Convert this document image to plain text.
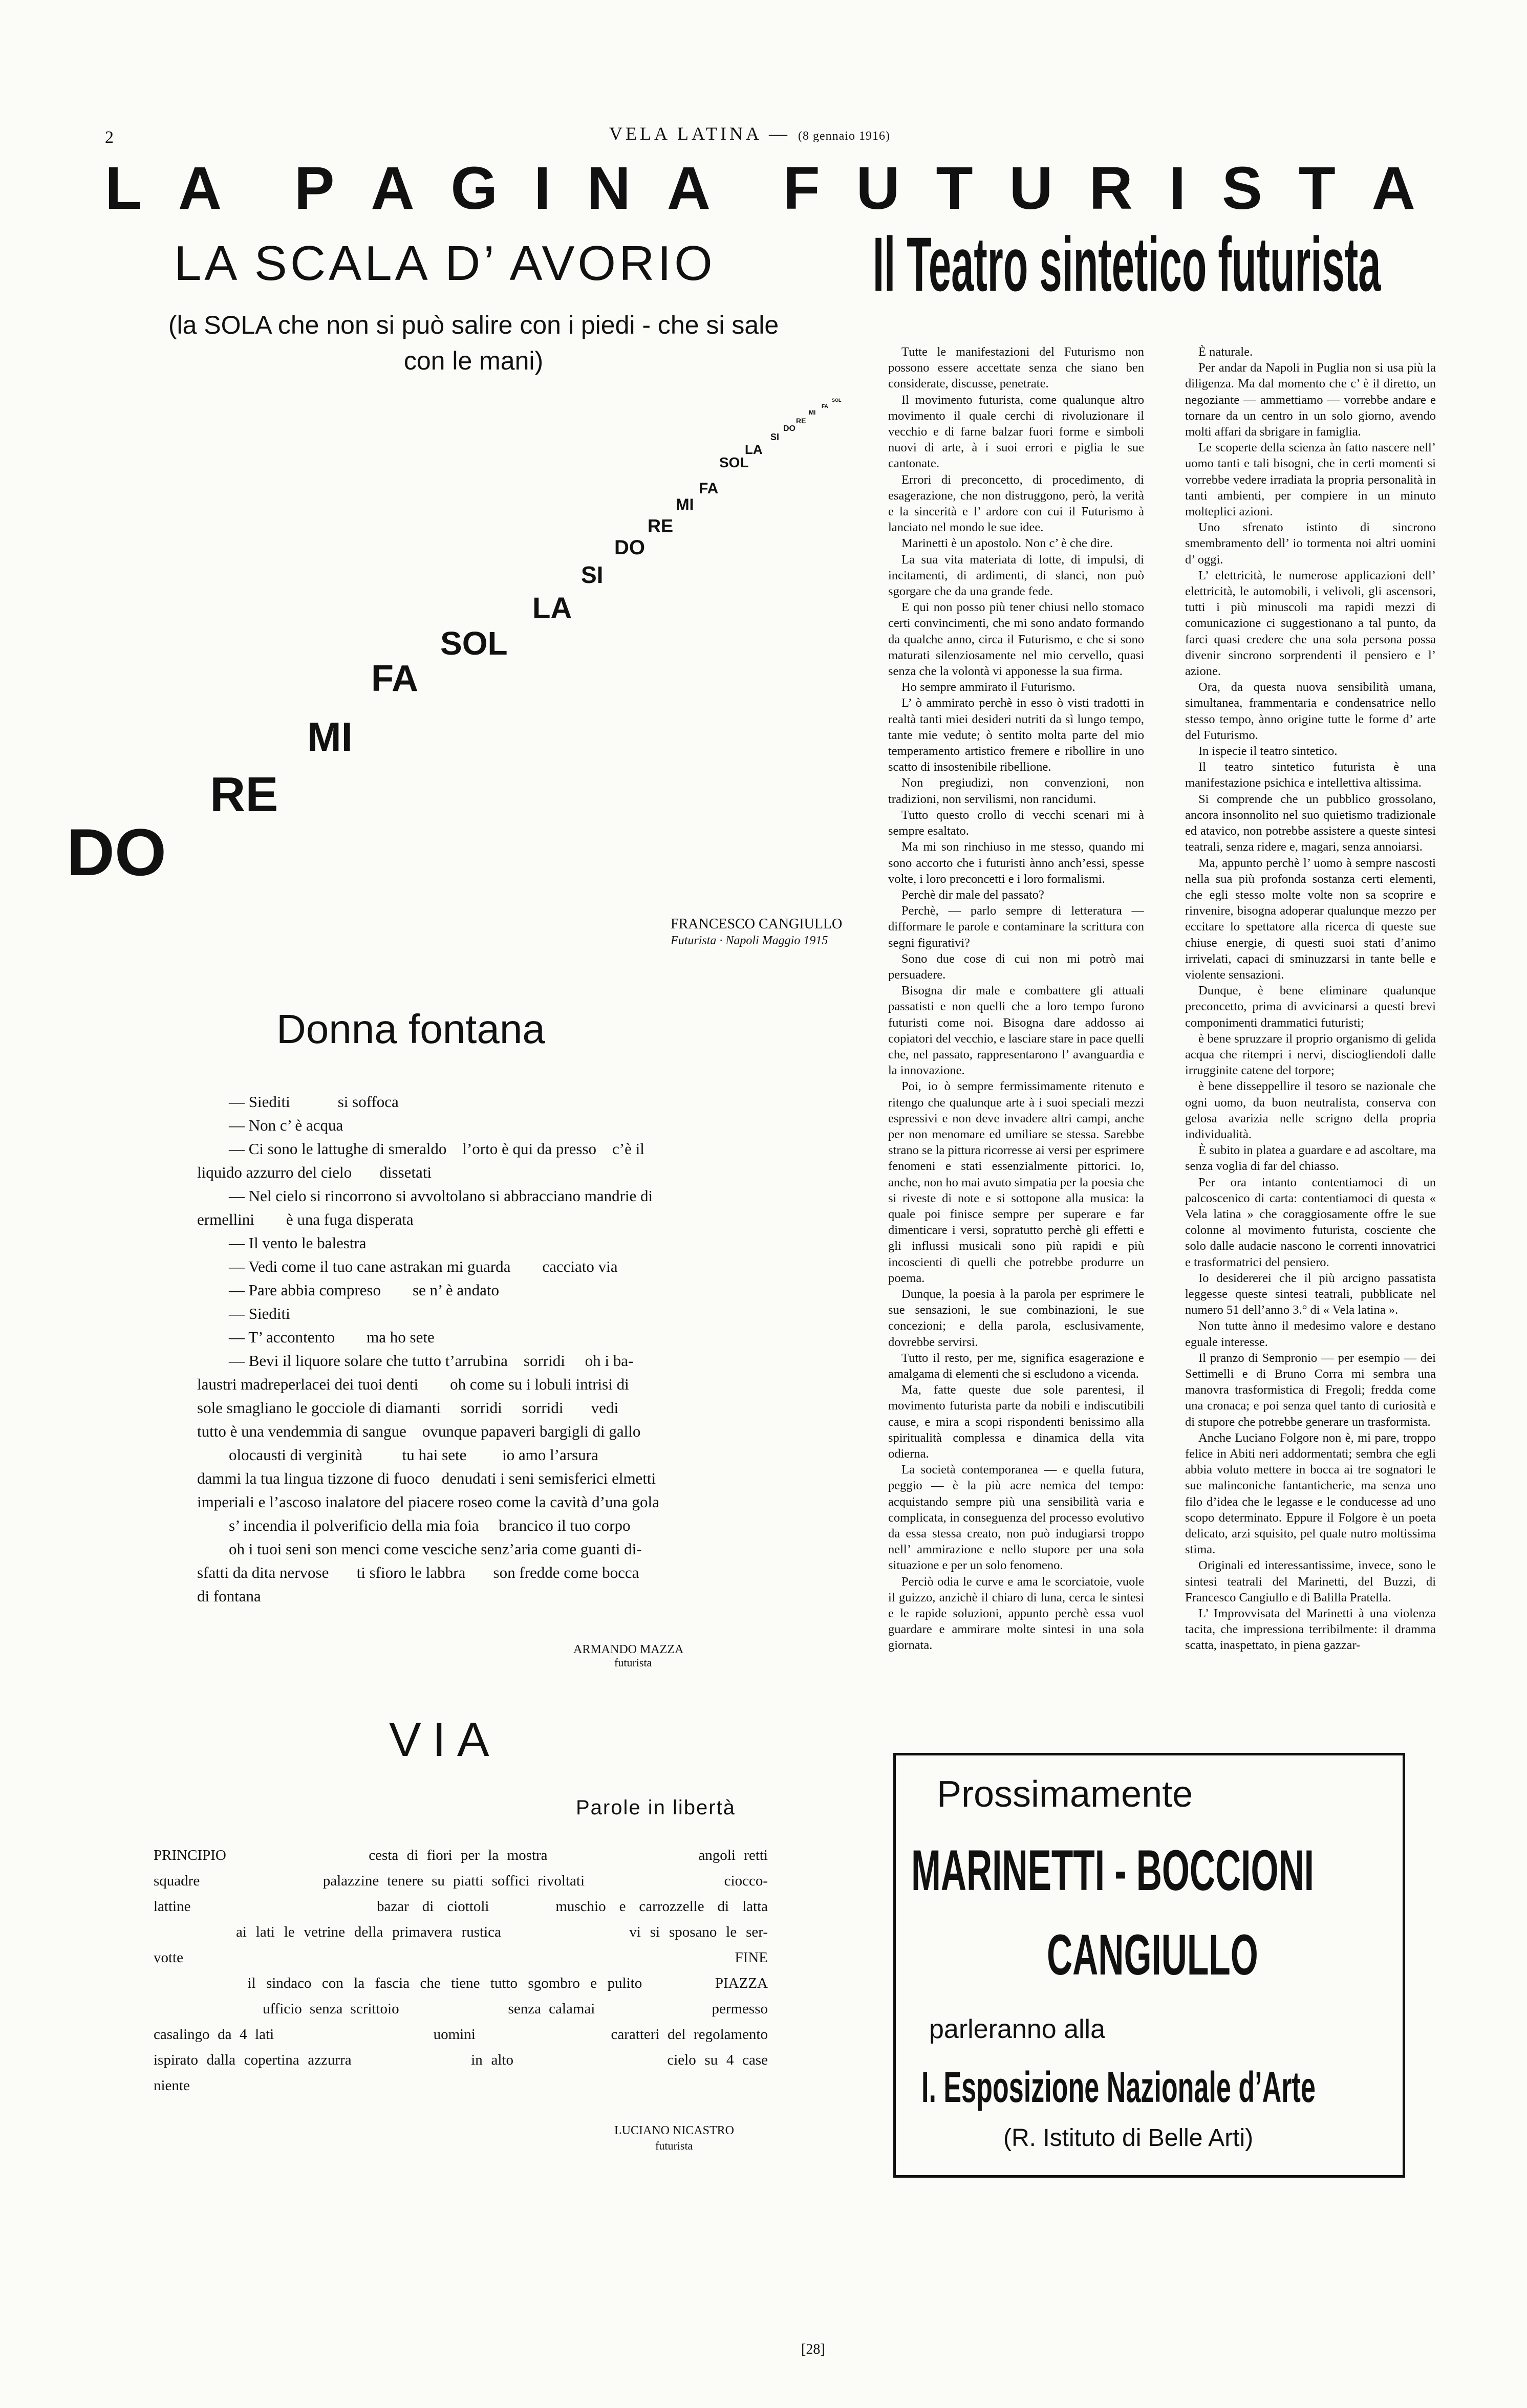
2	VELA LATINA — (8 gennaio 1916)
L A P A G I N A F U T U R I S T A
LA SCALA D’ AVORIO
(la SOLA che non si può salire con i piedi - che si sale
con le mani)
DO
RE
MI
FA
SOL
LA
SI
DO
RE
MI
FA
SOL
LA
SI
DO
RE
MI
FA
SOL
FRANCESCO CANGIULLO
Futurista · Napoli Maggio 1915
Donna fontana

— Siediti            si soffoca

— Non c’ è acqua

— Ci sono le lattughe di smeraldo    l’orto è qui da presso    c’è il

liquido azzurro del cielo       dissetati

— Nel cielo si rincorrono si avvoltolano si abbracciano mandrie di

ermellini        è una fuga disperata

— Il vento le balestra

— Vedi come il tuo cane astrakan mi guarda        cacciato via

— Pare abbia compreso        se n’ è andato

— Siediti

— T’ accontento        ma ho sete

— Bevi il liquore solare che tutto t’arrubina    sorridi     oh i ba-

laustri madreperlacei dei tuoi denti        oh come su i lobuli intrisi di

sole smagliano le gocciole di diamanti     sorridi     sorridi       vedi

tutto è una vendemmia di sangue    ovunque papaveri bargigli di gallo

olocausti di verginità          tu hai sete         io amo l’arsura

dammi la tua lingua tizzone di fuoco   denudati i seni semisferici elmetti

imperiali e l’ascoso inalatore del piacere roseo come la cavità d’una gola

s’ incendia il polverificio della mia foia     brancico il tuo corpo

oh i tuoi seni son menci come vesciche senz’aria come guanti di-

sfatti da dita nervose       ti sfioro le labbra       son fredde come bocca

di fontana

ARMANDO MAZZA
futurista
Il Teatro sintetico futurista

Tutte le manifestazioni del Futurismo non possono essere accettate senza che siano ben considerate, discusse, penetrate.

Il movimento futurista, come qualunque altro movimento il quale cerchi di rivoluzionare il vecchio e di farne balzar fuori forme e simboli nuovi di arte, à i suoi errori e piglia le sue cantonate.

Errori di preconcetto, di procedimento, di esagerazione, che non distruggono, però, la verità e la sincerità e l’ ardore con cui il Futurismo à lanciato nel mondo le sue idee.

Marinetti è un apostolo. Non c’ è che dire.

La sua vita materiata di lotte, di impulsi, di incitamenti, di ardimenti, di slanci, non può sgorgare che da una grande fede.

E qui non posso più tener chiusi nello stomaco certi convincimenti, che mi sono andato formando da qualche anno, circa il Futurismo, e che si sono maturati silenziosamente nel mio cervello, quasi senza che la volontà vi apponesse la sua firma.

Ho sempre ammirato il Futurismo.

L’ ò ammirato perchè in esso ò visti tradotti in realtà tanti miei desideri nutriti da sì lungo tempo, tante mie vedute; ò sentito molta parte del mio temperamento artistico fremere e ribollire in uno scatto di insostenibile ribellione.

Non pregiudizi, non convenzioni, non tradizioni, non servilismi, non rancidumi.

Tutto questo crollo di vecchi scenari mi à sempre esaltato.

Ma mi son rinchiuso in me stesso, quando mi sono accorto che i futuristi ànno anch’essi, spesse volte, i loro preconcetti e i loro formalismi.

Perchè dir male del passato?

Perchè, — parlo sempre di letteratura — difformare le parole e contaminare la scrittura con segni figurativi?

Sono due cose di cui non mi potrò mai persuadere.

Bisogna dir male e combattere gli attuali passatisti e non quelli che a loro tempo furono futuristi come noi. Bisogna dare addosso ai copiatori del vecchio, e lasciare stare in pace quelli che, nel passato, rappresentarono l’ avanguardia e la innovazione.

Poi, io ò sempre fermissimamente ritenuto e ritengo che qualunque arte à i suoi speciali mezzi espressivi e non deve invadere altri campi, anche per non menomare ed umiliare se stessa. Sarebbe strano se la pittura ricorresse ai versi per esprimere fenomeni e stati essenzialmente pittorici. Io, anche, non ho mai avuto simpatia per la poesia che si riveste di note e si sottopone alla musica: la quale poi finisce sempre per superare e far dimenticare i versi, sopratutto perchè gli effetti e gli influssi musicali sono più rapidi e più incoscienti di quelli che potrebbe produrre un poema.

Dunque, la poesia à la parola per esprimere le sue sensazioni, le sue combinazioni, le sue concezioni; e della parola, esclusivamente, dovrebbe servirsi.

Tutto il resto, per me, significa esagerazione e amalgama di elementi che si escludono a vicenda.

Ma, fatte queste due sole parentesi, il movimento futurista parte da nobili e indiscutibili cause, e mira a scopi rispondenti benissimo alla spiritualità complessa e dinamica della vita odierna.

La società contemporanea — e quella futura, peggio — è la più acre nemica del tempo: acquistando sempre più una sensibilità varia e complicata, in conseguenza del processo evolutivo da essa stessa creato, non può indugiarsi troppo nell’ ammirazione e nello stupore per una sola situazione e per un solo fenomeno.

Perciò odia le curve e ama le scorciatoie, vuole il guizzo, anzichè il chiaro di luna, cerca le sintesi e le rapide soluzioni, appunto perchè essa vuol guardare e ammirare molte sintesi in una sola giornata.

È naturale.

Per andar da Napoli in Puglia non si usa più la diligenza. Ma dal momento che c’ è il diretto, un negoziante — ammettiamo — vorrebbe andare e tornare da un centro in un solo giorno, avendo molti affari da sbrigare in famiglia.

Le scoperte della scienza àn fatto nascere nell’ uomo tanti e tali bisogni, che in certi momenti si vorrebbe vedere irradiata la propria personalità in tanti ambienti, per compiere in un minuto molteplici azioni.

Uno sfrenato istinto di sincrono smembramento dell’ io tormenta noi altri uomini d’ oggi.

L’ elettricità, le numerose applicazioni dell’ elettricità, le automobili, i velivoli, gli ascensori, tutti i più minuscoli ma rapidi mezzi di comunicazione ci suggestionano a tal punto, da farci quasi credere che una sola persona possa divenir sincrono sorprendenti il pensiero e l’ azione.

Ora, da questa nuova sensibilità umana, simultanea, frammentaria e condensatrice nello stesso tempo, ànno origine tutte le forme d’ arte del Futurismo.

In ispecie il teatro sintetico.

Il teatro sintetico futurista è una manifestazione psichica e intellettiva altissima.

Si comprende che un pubblico grossolano, ancora insonnolito nel suo quietismo tradizionale ed atavico, non potrebbe assistere a queste sintesi teatrali, senza ridere e, magari, senza annoiarsi.

Ma, appunto perchè l’ uomo à sempre nascosti nella sua più profonda sostanza certi elementi, che egli stesso molte volte non sa scoprire e rinvenire, bisogna adoperar qualunque mezzo per eccitare lo spettatore alla ricerca di queste sue chiuse energie, di questi suoi stati d’animo irrivelati, capaci di sminuzzarsi in tante belle e violente sensazioni.

Dunque, è bene eliminare qualunque preconcetto, prima di avvicinarsi a questi brevi componimenti drammatici futuristi;

è bene spruzzare il proprio organismo di gelida acqua che ritempri i nervi, disciogliendoli dalle irrugginite catene del torpore;

è bene disseppellire il tesoro se nazionale che ogni uomo, da buon neutralista, conserva con gelosa avarizia nelle scrigno della propria individualità.

È subito in platea a guardare e ad ascoltare, ma senza voglia di far del chiasso.

Per ora intanto contentiamoci di un palcoscenico di carta: contentiamoci di questa « Vela latina » che coraggiosamente offre le sue colonne al movimento futurista, cosciente che solo dalle audacie nascono le correnti innovatrici e trasformatrici del pensiero.

Io desidererei che il più arcigno passatista leggesse queste sintesi teatrali, pubblicate nel numero 51 dell’anno 3.° di « Vela latina ».

Non tutte ànno il medesimo valore e destano eguale interesse.

Il pranzo di Sempronio — per esempio — dei Settimelli e di Bruno Corra mi sembra una manovra trasformistica di Fregoli; fredda come una cronaca; e poi senza quel tanto di curiosità e di stupore che potrebbe generare un trasformista.

Anche Luciano Folgore non è, mi pare, troppo felice in Abiti neri addormentati; sembra che egli abbia voluto mettere in bocca ai tre sognatori le sue malinconiche fantanticherie, ma senza uno filo d’idea che le legasse e le conducesse ad uno scopo determinato. Eppure il Folgore è un poeta delicato, arzi squisito, pel quale nutro moltissima stima.

Originali ed interessantissime, invece, sono le sintesi teatrali del Marinetti, del Buzzi, di Francesco Cangiullo e di Balilla Pratella.

L’ Improvvisata del Marinetti à una violenza tacita, che impressiona terribilmente: il dramma scatta, inaspettato, in piena gazzar-

VIA
Parole in libertà

PRINCIPIO                 cesta di fiori per la mostra                  angoli retti

squadre               palazzine tenere su piatti soffici rivoltati                 ciocco-

lattine              bazar di ciottoli     muschio e carrozzelle di latta

ai lati le vetrine della primavera rustica              vi si sposano le ser-

votte                         FINE

il sindaco con la fascia che tiene tutto sgombro e pulito       PIAZZA

ufficio senza scrittoio              senza calamai               permesso

casalingo da 4 lati                    uomini                 caratteri del regolamento

ispirato dalla copertina azzurra              in alto                  cielo su 4 case

niente

LUCIANO NICASTRO
futurista
Prossimamente
MARINETTI - BOCCIONI
CANGIULLO
parleranno alla
I. Esposizione Nazionale d’Arte
(R. Istituto di Belle Arti)
[28]
